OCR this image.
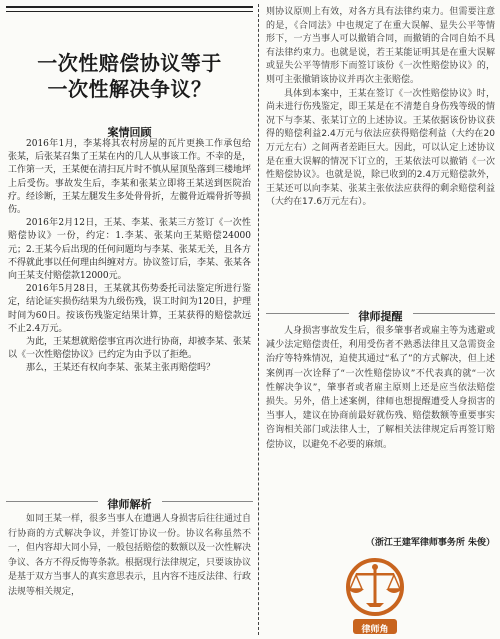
一次性赔偿协议等于
一次性解决争议？
案情回顾

2016年1月，李某将其农村房屋的瓦片更换工作承包给张某，后张某召集了王某在内的几人从事该工作。不幸的是，工作第一天，王某便在清扫瓦片时不慎从屋顶坠落到三楼地坪上后受伤。事故发生后，李某和张某立即将王某送到医院治疗。经诊断，王某左腿发生多处骨骨折，左髋骨近端骨折等损伤。

2016年2月12日，王某、李某、张某三方签订《一次性赔偿协议》一份，约定：1.李某、张某向王某赔偿24000元；2.王某今后出现的任何问题均与李某、张某无关，且各方不得就此事以任何理由纠缠对方。协议签订后，李某、张某各向王某支付赔偿款12000元。

2016年5月28日，王某就其伤势委托司法鉴定所进行鉴定，结论证实损伤结果为九级伤残，误工时间为120日，护理时间为60日。按该伤残鉴定结果计算，王某获得的赔偿款远不止2.4万元。

为此，王某想就赔偿事宜再次进行协商，却被李某、张某以《一次性赔偿协议》已约定为由予以了拒绝。

那么，王某还有权向李某、张某主张再赔偿吗？

律师解析

如同王某一样，很多当事人在遭遇人身损害后往往通过自行协商的方式解决争议，并签订协议一份。协议名称虽然不一，但内容却大同小异，一般包括赔偿的数额以及一次性解决争议、各方不得反悔等条款。根据现行法律规定，只要该协议是基于双方当事人的真实意思表示，且内容不违反法律、行政法规等相关规定，

则协议原则上有效，对各方具有法律约束力。但需要注意的是，《合同法》中也规定了在重大误解、显失公平等情形下，一方当事人可以撤销合同，而撤销的合同自始不具有法律约束力。也就是说，若王某能证明其是在重大误解或显失公平等情形下而签订该份《一次性赔偿协议》的，则可主张撤销该协议并再次主张赔偿。

具体到本案中，王某在签订《一次性赔偿协议》时，尚未进行伤残鉴定，即王某是在不清楚自身伤残等级的情况下与李某、张某订立的上述协议。王某依据该份协议获得的赔偿利益2.4万元与依法应获得赔偿利益（大约在20万元左右）之间两者差距巨大。因此，可以认定上述协议是在重大误解的情况下订立的，王某依法可以撤销《一次性赔偿协议》。也就是说，除已收到的2.4万元赔偿款外，王某还可以向李某、张某主张依法应获得的剩余赔偿利益（大约在17.6万元左右）。

律师提醒

人身损害事故发生后，很多肇事者或雇主等为逃避或减少法定赔偿责任，利用受伤者不熟悉法律且又急需资金治疗等特殊情况，迫使其通过“私了”的方式解决，但上述案例再一次诠释了“一次性赔偿协议”不代表真的就“一次性解决争议”，肇事者或者雇主原则上还是应当依法赔偿损失。另外，借上述案例，律师也想提醒遭受人身损害的当事人，建议在协商前最好就伤残、赔偿数额等重要事实咨询相关部门或法律人士，了解相关法律规定后再签订赔偿协议，以避免不必要的麻烦。

（浙江王建军律师事务所 朱俊）
律师角
